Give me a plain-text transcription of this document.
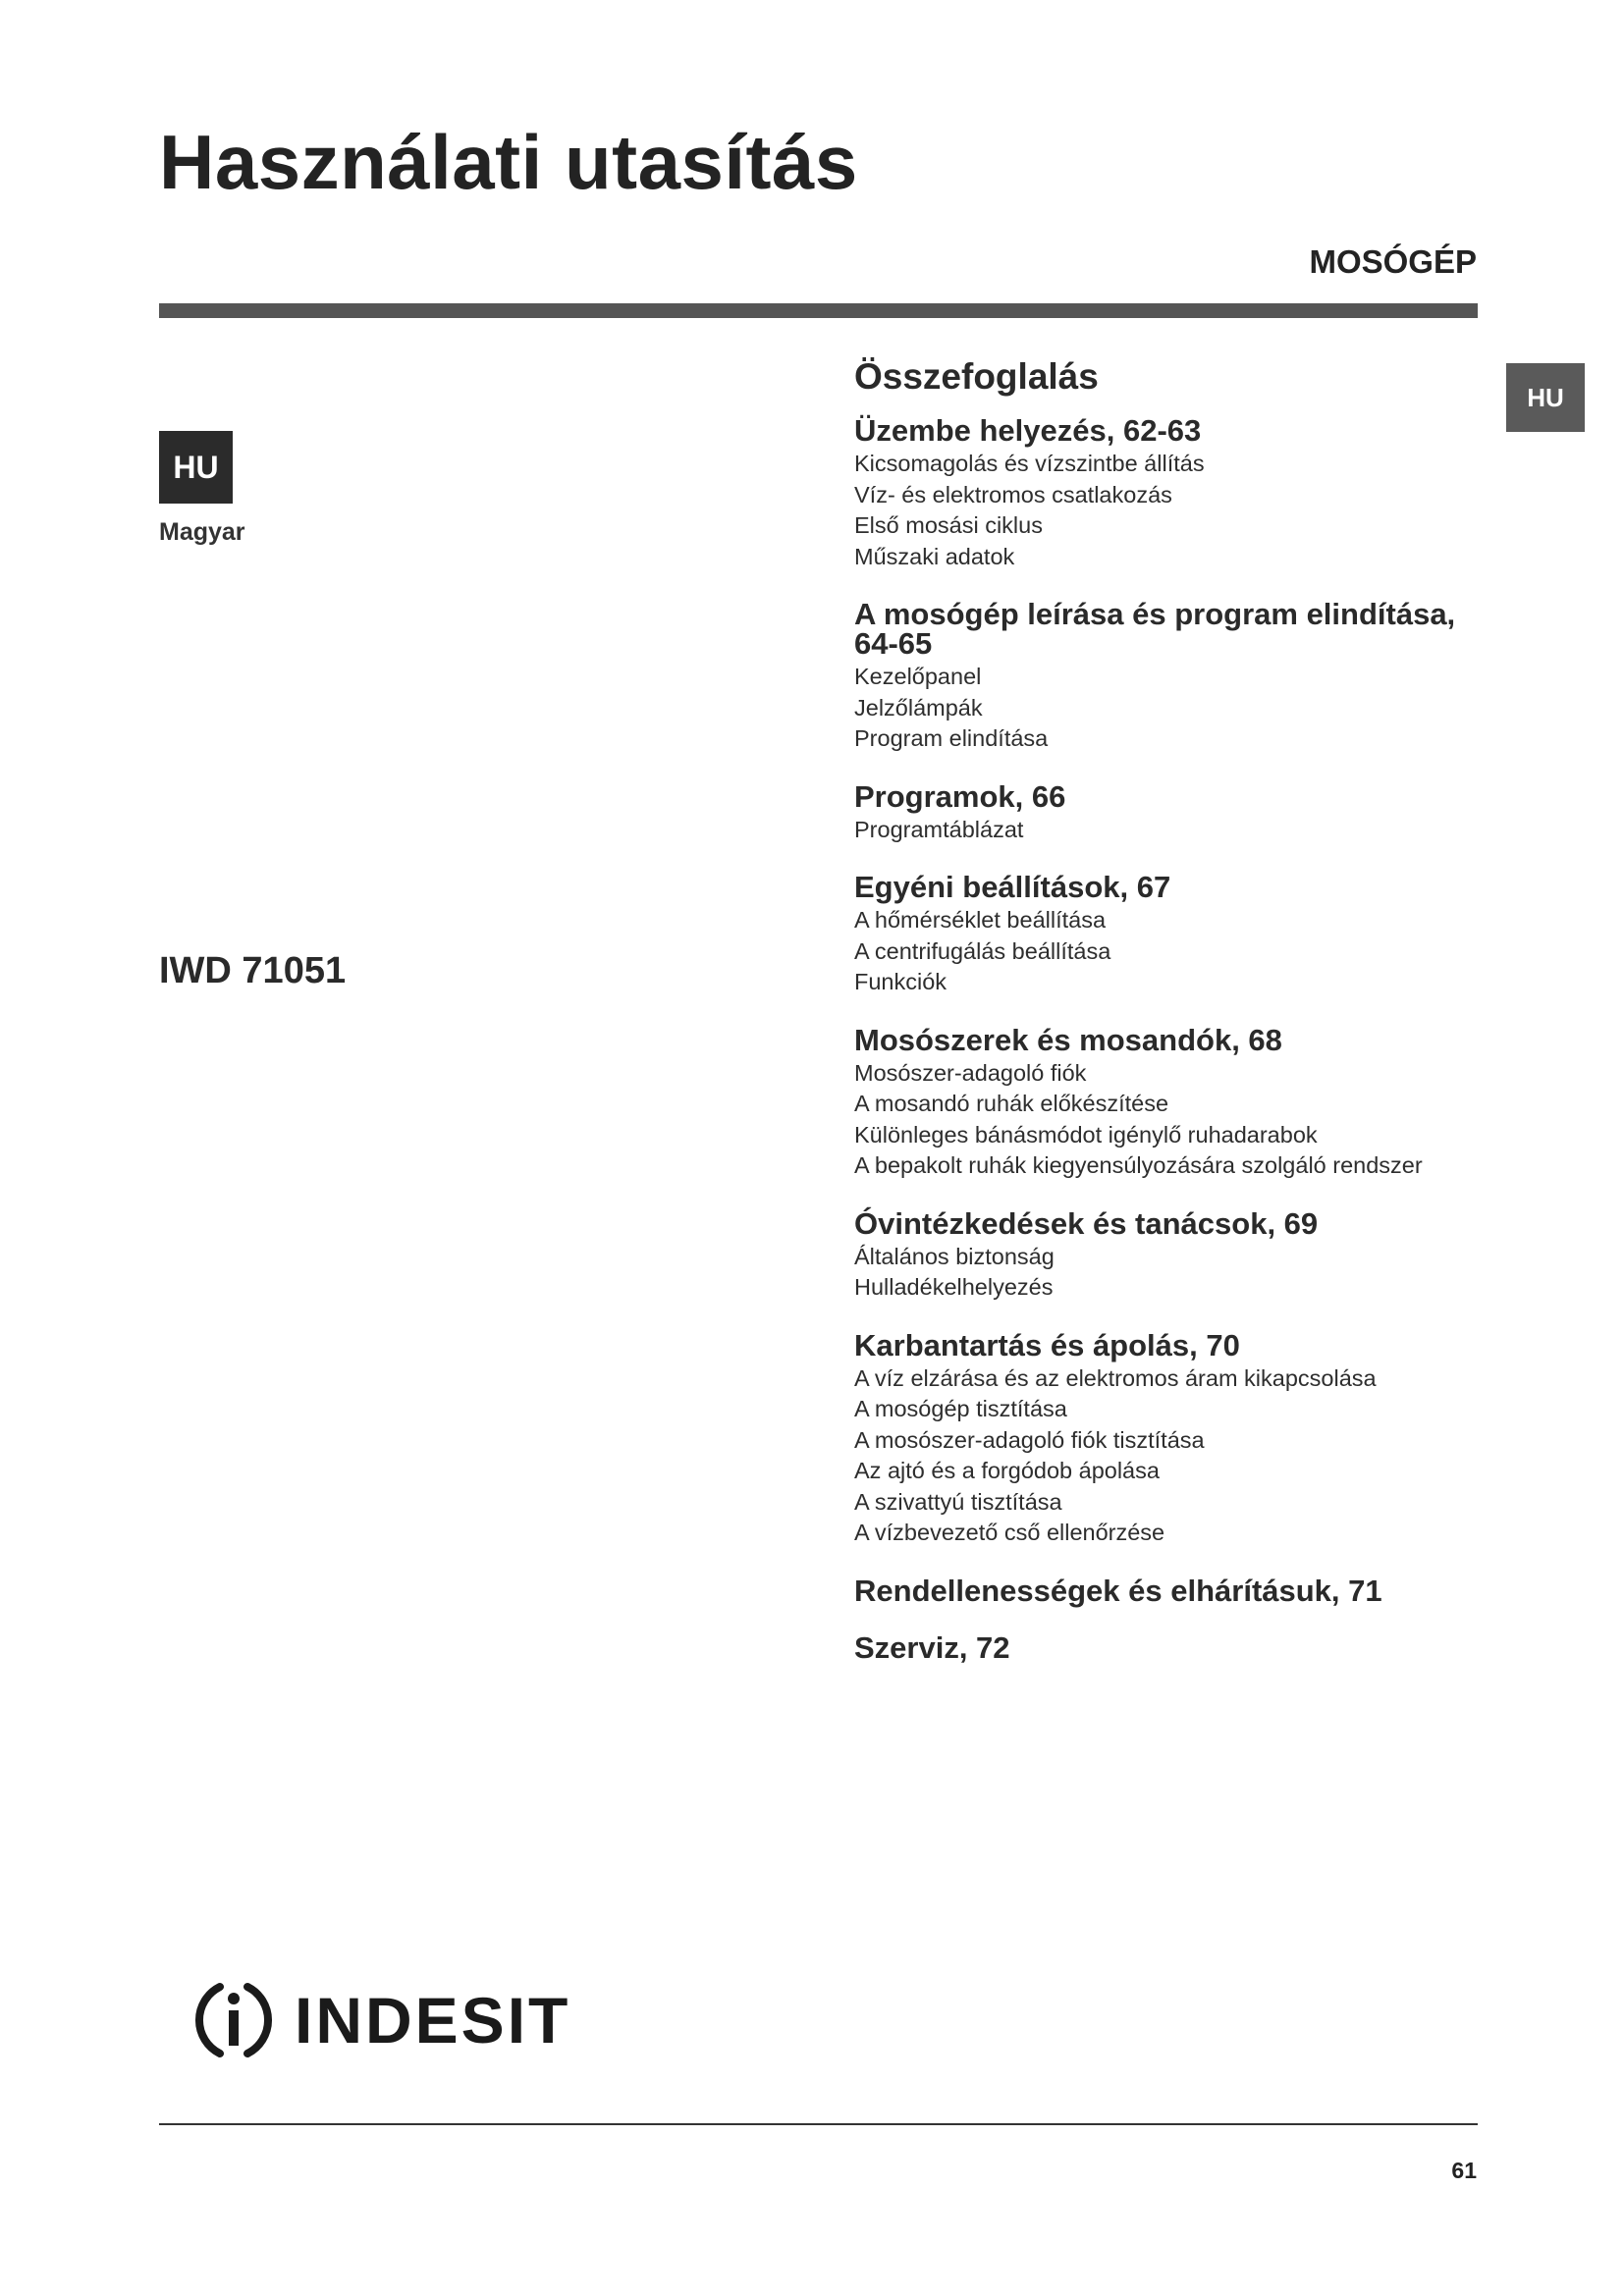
Használati utasítás
MOSÓGÉP
HU
Magyar
IWD 71051
HU
Összefoglalás
Üzembe helyezés, 62-63
Kicsomagolás és vízszintbe állítás
Víz- és elektromos csatlakozás
Első mosási ciklus
Műszaki adatok
A mosógép leírása és program elindítása, 64-65
Kezelőpanel
Jelzőlámpák
Program elindítása
Programok, 66
Programtáblázat
Egyéni beállítások, 67
A hőmérséklet beállítása
A centrifugálás beállítása
Funkciók
Mosószerek és mosandók, 68
Mosószer-adagoló fiók
A mosandó ruhák előkészítése
Különleges bánásmódot igénylő ruhadarabok
A bepakolt ruhák kiegyensúlyozására szolgáló rendszer
Óvintézkedések és tanácsok, 69
Általános biztonság
Hulladékelhelyezés
Karbantartás és ápolás, 70
A víz elzárása és az elektromos áram kikapcsolása
A mosógép tisztítása
A mosószer-adagoló fiók tisztítása
Az ajtó és a forgódob ápolása
A szivattyú tisztítása
A vízbevezető cső ellenőrzése
Rendellenességek és elhárításuk, 71
Szerviz, 72
INDESIT
61
